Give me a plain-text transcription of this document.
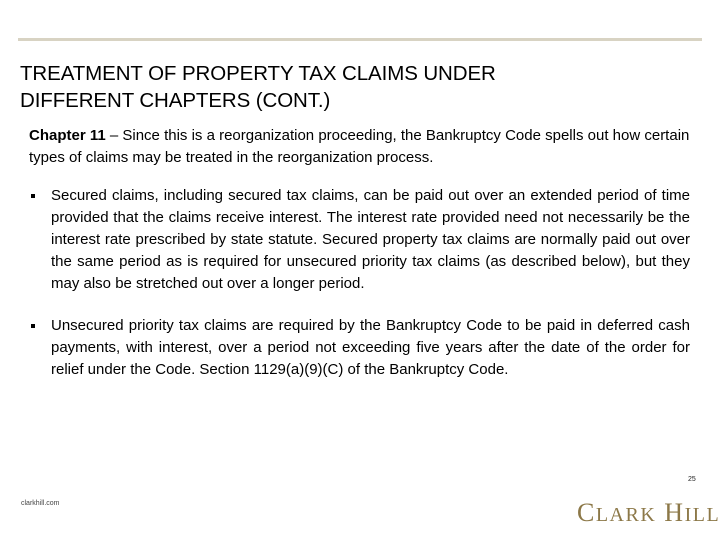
TREATMENT OF PROPERTY TAX CLAIMS UNDER
DIFFERENT CHAPTERS (CONT.)

Chapter 11 – Since this is a reorganization proceeding, the Bankruptcy Code spells out how certain types of claims may be treated in the reorganization process.

Secured claims, including secured tax claims, can be paid out over an extended period of time provided that the claims receive interest. The interest rate provided need not necessarily be the interest rate prescribed by state statute. Secured property tax claims are normally paid out over the same period as is required for unsecured priority tax claims (as described below), but they may also be stretched out over a longer period.
Unsecured priority tax claims are required by the Bankruptcy Code to be paid in deferred cash payments, with interest, over a period not exceeding five years after the date of the order for relief under the Code. Section 1129(a)(9)(C) of the Bankruptcy Code.
25
clarkhill.com	CLARK HILL
